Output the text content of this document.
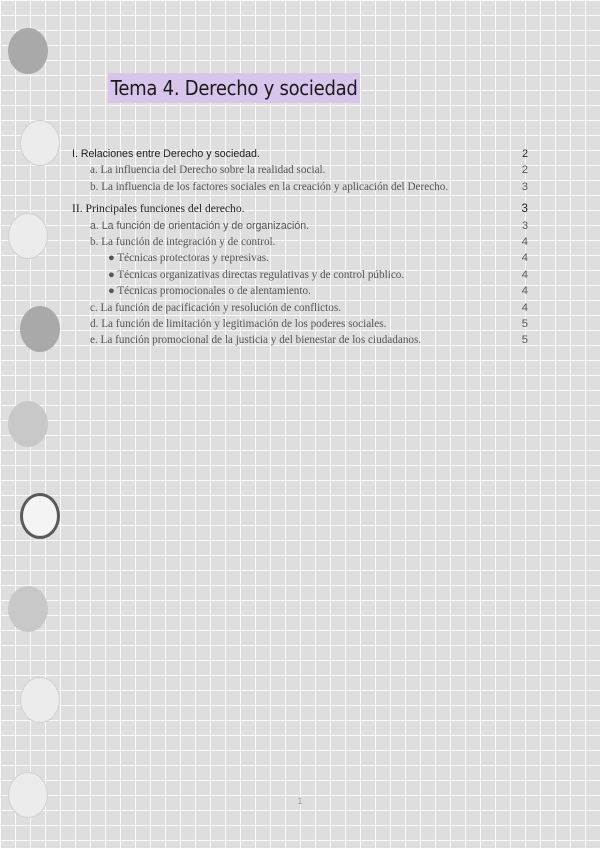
Tema 4. Derecho y sociedad
I. Relaciones entre Derecho y sociedad.	2
a. La influencia del Derecho sobre la realidad social.	2
b. La influencia de los factores sociales en la creación y aplicación del Derecho.	3
II. Principales funciones del derecho.	3
a. La función de orientación y de organización.	3
b. La función de integración y de control.	4
● Técnicas protectoras y represivas.	4
● Técnicas organizativas directas regulativas y de control público.	4
● Técnicas promocionales o de alentamiento.	4
c. La función de pacificación y resolución de conflictos.	4
d. La función de limitación y legitimación de los poderes sociales.	5
e. La función promocional de la justicia y del bienestar de los ciudadanos.	5
1
